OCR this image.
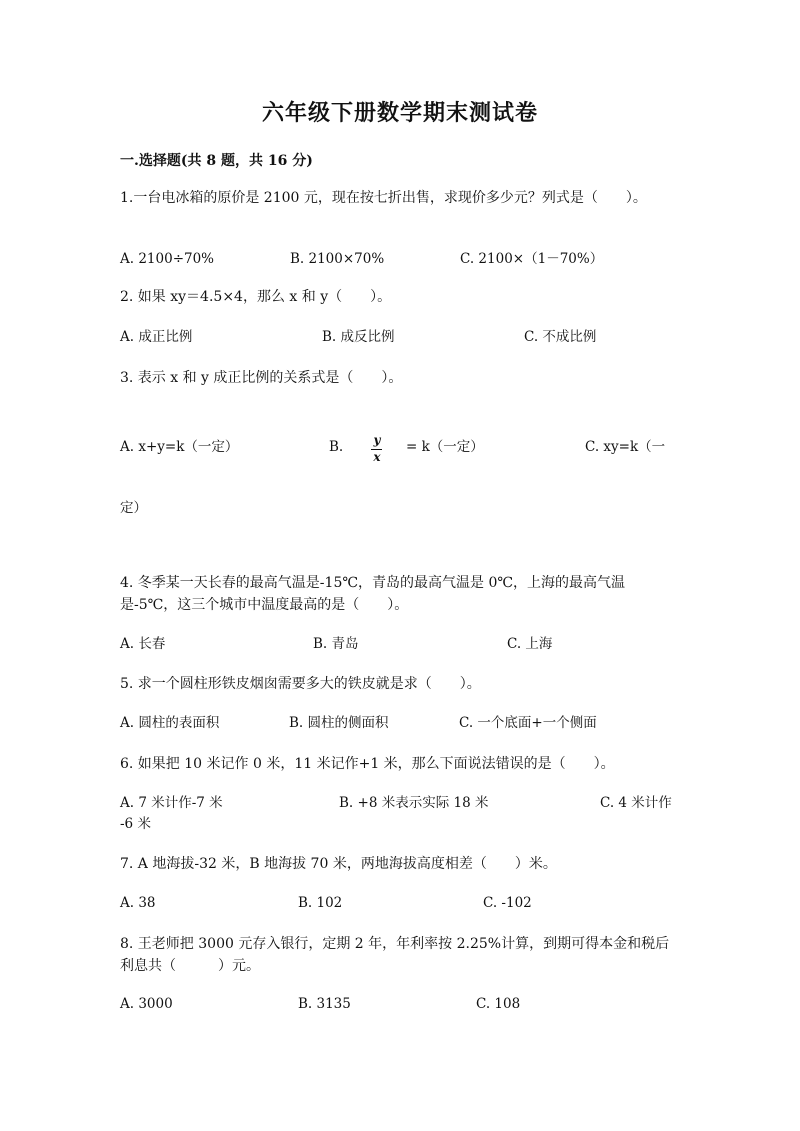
六年级下册数学期末测试卷
一.选择题(共 8 题，共 16 分)
1.一台电冰箱的原价是 2100 元，现在按七折出售，求现价多少元？列式是（　　）。
A. 2100÷70%	B. 2100×70%	C. 2100×（1－70%）
2. 如果 xy＝4.5×4，那么 x 和 y（　　）。
A. 成正比例	B. 成反比例	C. 不成比例
3. 表示 x 和 y 成正比例的关系式是（　　）。
A. x+y=k（一定）	B.	y
x
= k（一定）	C. xy=k（一
定）
4. 冬季某一天长春的最高气温是-15℃，青岛的最高气温是 0℃，上海的最高气温是-5℃，这三个城市中温度最高的是（　　）。
A. 长春	B. 青岛	C. 上海
5. 求一个圆柱形铁皮烟囱需要多大的铁皮就是求（　　）。
A. 圆柱的表面积	B. 圆柱的侧面积	C. 一个底面+一个侧面
6. 如果把 10 米记作 0 米，11 米记作+1 米，那么下面说法错误的是（　　）。
A. 7 米计作-7 米	B. +8 米表示实际 18 米	C. 4 米计作
-6 米
7. A 地海拔-32 米，B 地海拔 70 米，两地海拔高度相差（　　）米。
A. 38	B. 102	C. -102
8. 王老师把 3000 元存入银行，定期 2 年，年利率按 2.25%计算，到期可得本金和税后利息共（　　　）元。
A. 3000	B. 3135	C. 108
